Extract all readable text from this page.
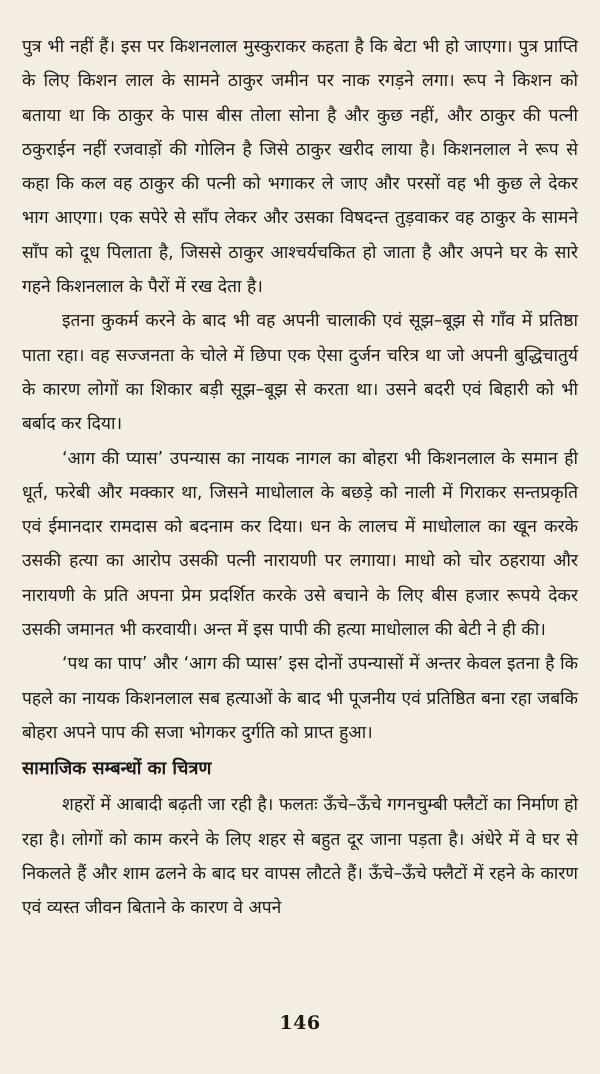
पुत्र भी नहीं हैं। इस पर किशनलाल मुस्कुराकर कहता है कि बेटा भी हो जाएगा। पुत्र प्राप्ति के लिए किशन लाल के सामने ठाकुर जमीन पर नाक रगड़ने लगा। रूप ने किशन को बताया था कि ठाकुर के पास बीस तोला सोना है और कुछ नहीं, और ठाकुर की पत्नी ठकुराईन नहीं रजवाड़ों की गोलिन है जिसे ठाकुर खरीद लाया है। किशनलाल ने रूप से कहा कि कल वह ठाकुर की पत्नी को भगाकर ले जाए और परसों वह भी कुछ ले देकर भाग आएगा। एक सपेरे से साँप लेकर और उसका विषदन्त तुड़वाकर वह ठाकुर के सामने साँप को दूध पिलाता है, जिससे ठाकुर आश्चर्यचकित हो जाता है और अपने घर के सारे गहने किशनलाल के पैरों में रख देता है।

इतना कुकर्म करने के बाद भी वह अपनी चालाकी एवं सूझ–बूझ से गाँव में प्रतिष्ठा पाता रहा। वह सज्जनता के चोले में छिपा एक ऐसा दुर्जन चरित्र था जो अपनी बुद्धिचातुर्य के कारण लोगों का शिकार बड़ी सूझ–बूझ से करता था। उसने बदरी एवं बिहारी को भी बर्बाद कर दिया।

‘आग की प्यास’ उपन्यास का नायक नागल का बोहरा भी किशनलाल के समान ही धूर्त, फरेबी और मक्कार था, जिसने माधोलाल के बछड़े को नाली में गिराकर सन्तप्रकृति एवं ईमानदार रामदास को बदनाम कर दिया। धन के लालच में माधोलाल का खून करके उसकी हत्या का आरोप उसकी पत्नी नारायणी पर लगाया। माधो को चोर ठहराया और नारायणी के प्रति अपना प्रेम प्रदर्शित करके उसे बचाने के लिए बीस हजार रूपये देकर उसकी जमानत भी करवायी। अन्त में इस पापी की हत्या माधोलाल की बेटी ने ही की।

‘पथ का पाप’ और ‘आग की प्यास’ इस दोनों उपन्यासों में अन्तर केवल इतना है कि पहले का नायक किशनलाल सब हत्याओं के बाद भी पूजनीय एवं प्रतिष्ठित बना रहा जबकि बोहरा अपने पाप की सजा भोगकर दुर्गति को प्राप्त हुआ।

सामाजिक सम्बन्धों का चित्रण

शहरों में आबादी बढ़ती जा रही है। फलतः ऊँचे–ऊँचे गगनचुम्बी फ्लैटों का निर्माण हो रहा है। लोगों को काम करने के लिए शहर से बहुत दूर जाना पड़ता है। अंधेरे में वे घर से निकलते हैं और शाम ढलने के बाद घर वापस लौटते हैं। ऊँचे–ऊँचे फ्लैटों में रहने के कारण एवं व्यस्त जीवन बिताने के कारण वे अपने

146
